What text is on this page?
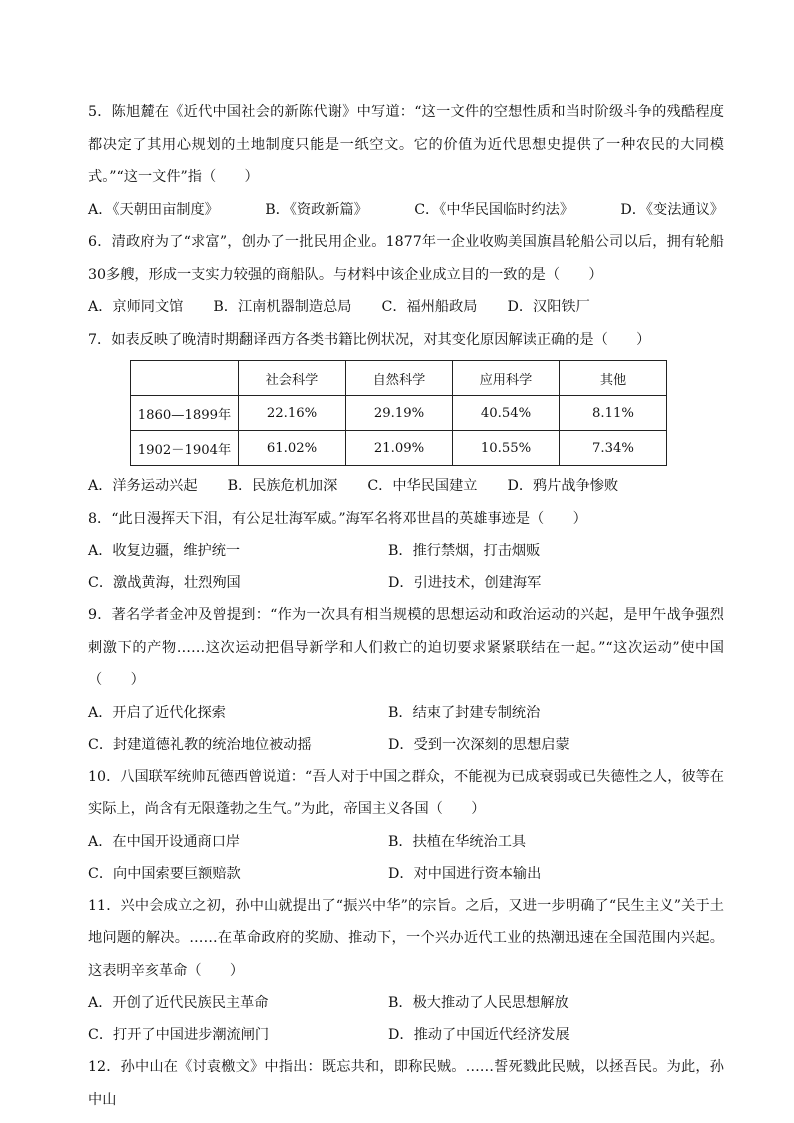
5．陈旭麓在《近代中国社会的新陈代谢》中写道：“这一文件的空想性质和当时阶级斗争的残酷程度都决定了其用心规划的土地制度只能是一纸空文。它的价值为近代思想史提供了一种农民的大同模式。”“这一文件”指（　　）

A．《天朝田亩制度》	B．《资政新篇》	C．《中华民国临时约法》	D．《变法通议》

6．清政府为了“求富”，创办了一批民用企业。1877年一企业收购美国旗昌轮船公司以后，拥有轮船30多艘，形成一支实力较强的商船队。与材料中该企业成立目的一致的是（　　）

A．京师同文馆 B．江南机器制造总局 C．福州船政局 D．汉阳铁厂

7．如表反映了晚清时期翻译西方各类书籍比例状况，对其变化原因解读正确的是（　　）

	社会科学	自然科学	应用科学	其他
1860—1899年	22.16%	29.19%	40.54%	8.11%
1902－1904年	61.02%	21.09%	10.55%	7.34%
A．洋务运动兴起 B．民族危机加深 C．中华民国建立 D．鸦片战争惨败

8．“此日漫挥天下泪，有公足壮海军威。”海军名将邓世昌的英雄事迹是（　　）

A．收复边疆，维护统一	B．推行禁烟，打击烟贩
C．激战黄海，壮烈殉国	D．引进技术，创建海军

9．著名学者金冲及曾提到：“作为一次具有相当规模的思想运动和政治运动的兴起，是甲午战争强烈刺激下的产物……这次运动把倡导新学和人们救亡的迫切要求紧紧联结在一起。”“这次运动”使中国（　　）

A．开启了近代化探索	B．结束了封建专制统治
C．封建道德礼教的统治地位被动摇	D．受到一次深刻的思想启蒙

10．八国联军统帅瓦德西曾说道：“吾人对于中国之群众，不能视为已成衰弱或已失德性之人，彼等在实际上，尚含有无限蓬勃之生气。”为此，帝国主义各国（　　）

A．在中国开设通商口岸	B．扶植在华统治工具
C．向中国索要巨额赔款	D．对中国进行资本输出

11．兴中会成立之初，孙中山就提出了“振兴中华”的宗旨。之后，又进一步明确了“民生主义”关于土地问题的解决。……在革命政府的奖励、推动下，一个兴办近代工业的热潮迅速在全国范围内兴起。这表明辛亥革命（　　）

A．开创了近代民族民主革命	B．极大推动了人民思想解放
C．打开了中国进步潮流闸门	D．推动了中国近代经济发展

12．孙中山在《讨袁檄文》中指出：既忘共和，即称民贼。……誓死戮此民贼，以拯吾民。为此，孙中山
